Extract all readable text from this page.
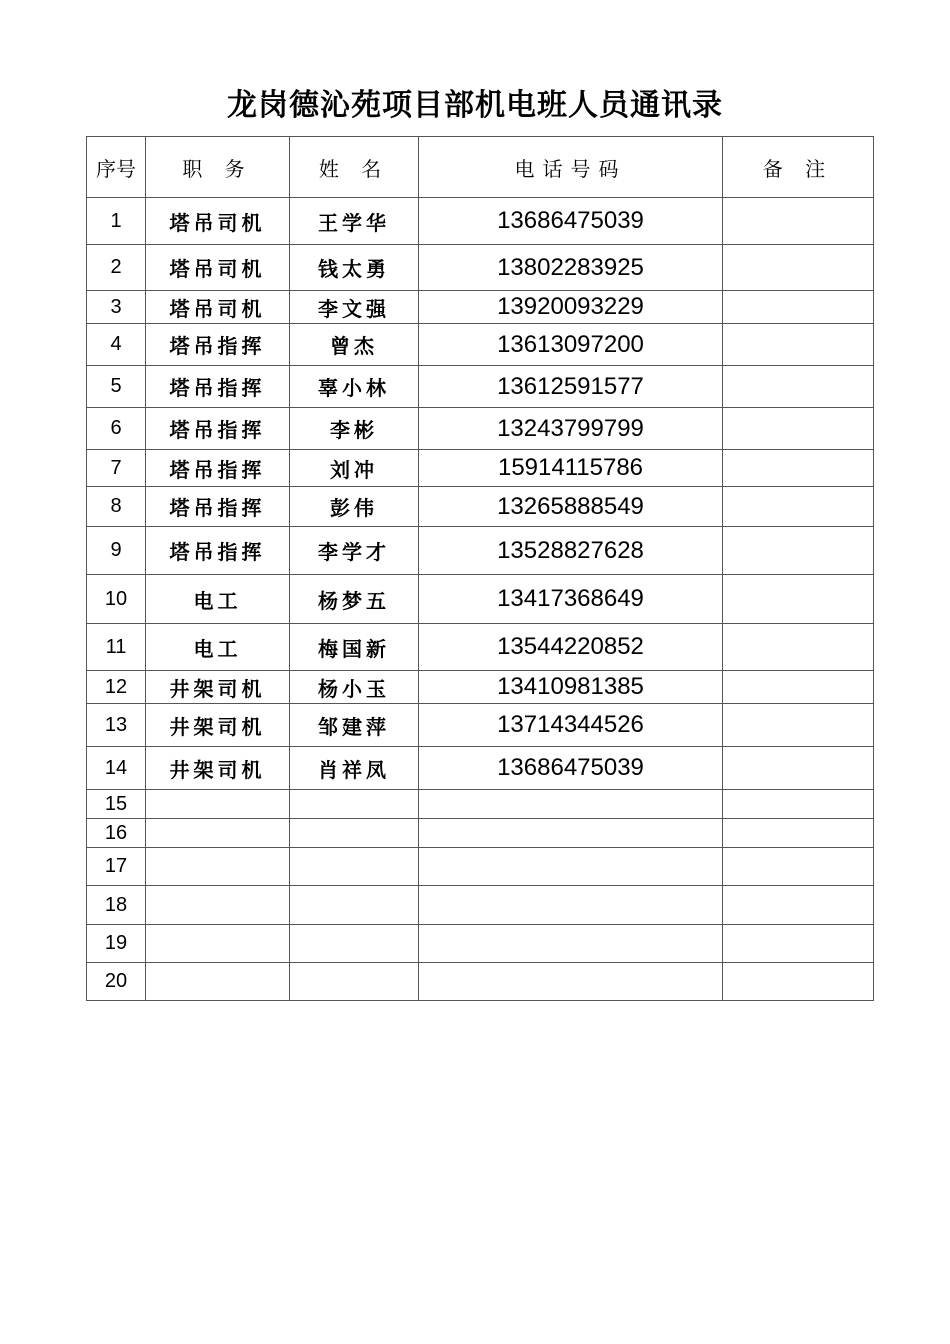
龙岗德沁苑项目部机电班人员通讯录
序号	职 务	姓 名	电话号码	备 注
1	塔吊司机	王学华	13686475039	
2	塔吊司机	钱太勇	13802283925	
3	塔吊司机	李文强	13920093229	
4	塔吊指挥	曾杰	13613097200	
5	塔吊指挥	辜小林	13612591577	
6	塔吊指挥	李彬	13243799799	
7	塔吊指挥	刘冲	15914115786	
8	塔吊指挥	彭伟	13265888549	
9	塔吊指挥	李学才	13528827628	
10	电工	杨梦五	13417368649	
11	电工	梅国新	13544220852	
12	井架司机	杨小玉	13410981385	
13	井架司机	邹建萍	13714344526	
14	井架司机	肖祥凤	13686475039	
15				
16				
17				
18				
19				
20				
